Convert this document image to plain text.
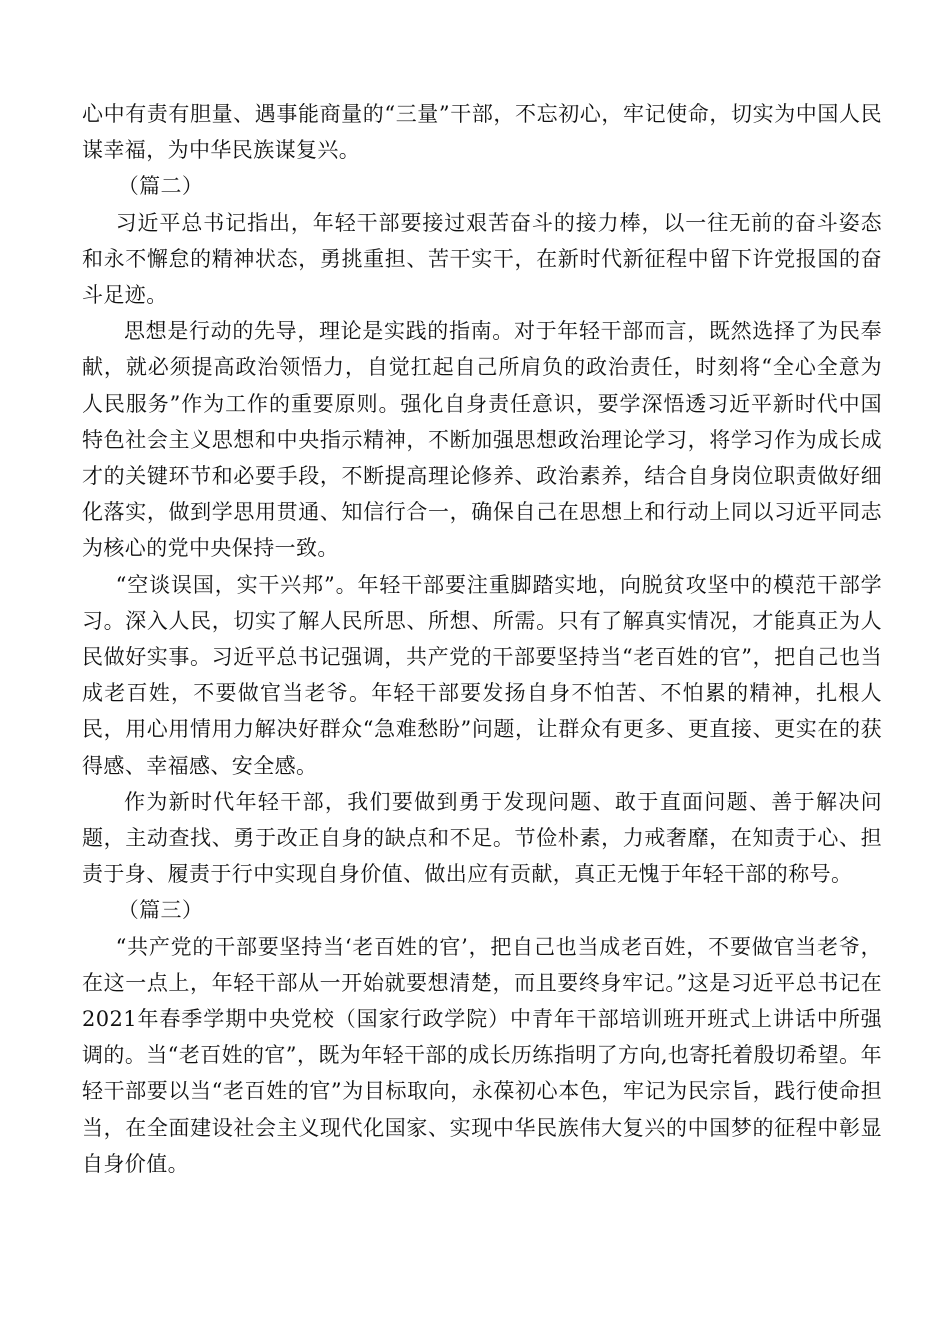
心中有责有胆量、遇事能商量的“三量”干部，不忘初心，牢记使命，切实为中国人民谋幸福，为中华民族谋复兴。

（篇二）

习近平总书记指出，年轻干部要接过艰苦奋斗的接力棒，以一往无前的奋斗姿态和永不懈怠的精神状态，勇挑重担、苦干实干，在新时代新征程中留下许党报国的奋斗足迹。

思想是行动的先导，理论是实践的指南。对于年轻干部而言，既然选择了为民奉献，就必须提高政治领悟力，自觉扛起自己所肩负的政治责任，时刻将“全心全意为人民服务”作为工作的重要原则。强化自身责任意识，要学深悟透习近平新时代中国特色社会主义思想和中央指示精神，不断加强思想政治理论学习，将学习作为成长成才的关键环节和必要手段，不断提高理论修养、政治素养，结合自身岗位职责做好细化落实，做到学思用贯通、知信行合一，确保自己在思想上和行动上同以习近平同志为核心的党中央保持一致。

“空谈误国，实干兴邦”。年轻干部要注重脚踏实地，向脱贫攻坚中的模范干部学习。深入人民，切实了解人民所思、所想、所需。只有了解真实情况，才能真正为人民做好实事。习近平总书记强调，共产党的干部要坚持当“老百姓的官”，把自己也当成老百姓，不要做官当老爷。年轻干部要发扬自身不怕苦、不怕累的精神，扎根人民，用心用情用力解决好群众“急难愁盼”问题，让群众有更多、更直接、更实在的获得感、幸福感、安全感。

作为新时代年轻干部，我们要做到勇于发现问题、敢于直面问题、善于解决问题，主动查找、勇于改正自身的缺点和不足。节俭朴素，力戒奢靡，在知责于心、担责于身、履责于行中实现自身价值、做出应有贡献，真正无愧于年轻干部的称号。

（篇三）

“共产党的干部要坚持当‘老百姓的官’，把自己也当成老百姓，不要做官当老爷，在这一点上，年轻干部从一开始就要想清楚，而且要终身牢记。”这是习近平总书记在2021年春季学期中央党校（国家行政学院）中青年干部培训班开班式上讲话中所强调的。当“老百姓的官”，既为年轻干部的成长历练指明了方向,也寄托着殷切希望。年轻干部要以当“老百姓的官”为目标取向，永葆初心本色，牢记为民宗旨，践行使命担当，在全面建设社会主义现代化国家、实现中华民族伟大复兴的中国梦的征程中彰显自身价值。
